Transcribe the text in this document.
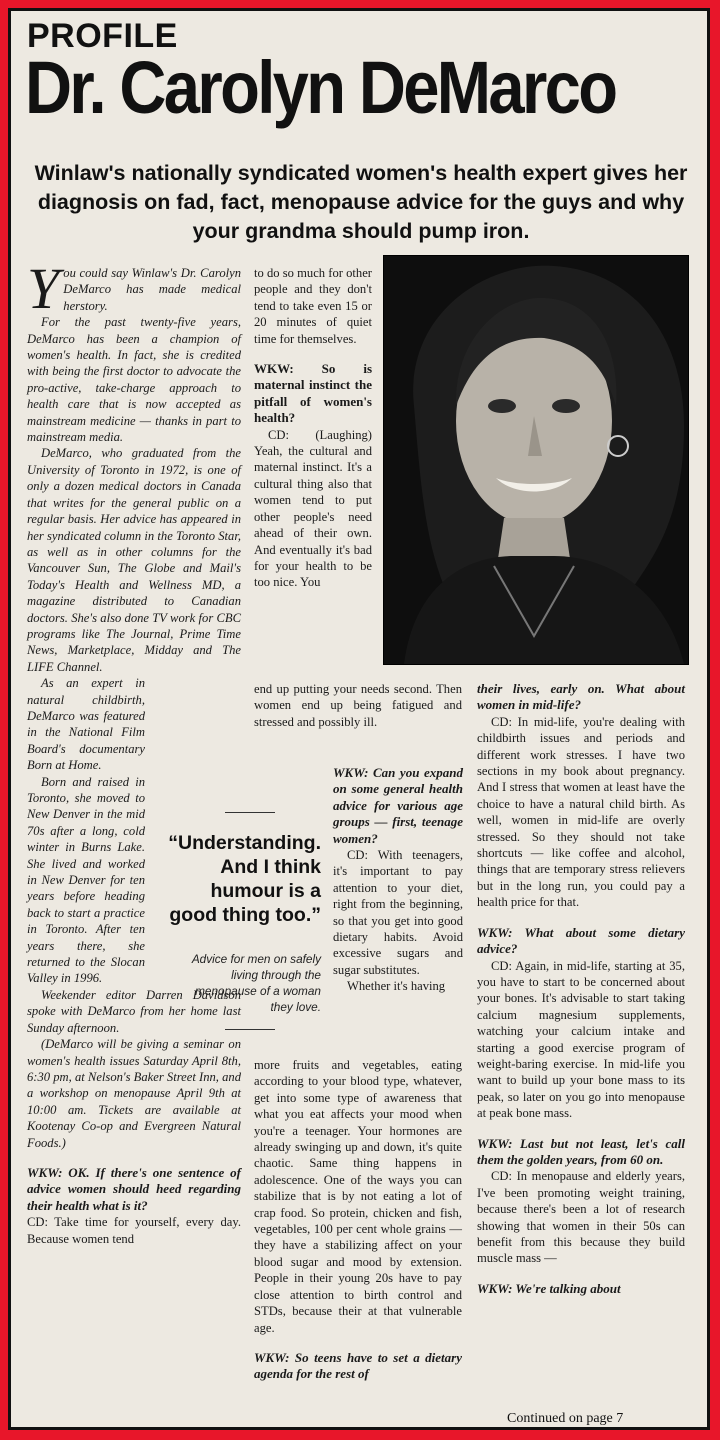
PROFILE
Dr. Carolyn DeMarco
Winlaw's nationally syndicated women's health expert gives her diagnosis on fad, fact, menopause advice for the guys and why your grandma should pump iron.
Y ou could say Winlaw's Dr. Carolyn DeMarco has made medical herstory.

For the past twenty-five years, DeMarco has been a champion of women's health. In fact, she is credited with being the first doctor to advocate the pro-active, take-charge approach to health care that is now accepted as mainstream medicine — thanks in part to mainstream media.

DeMarco, who graduated from the University of Toronto in 1972, is one of only a dozen medical doctors in Canada that writes for the general public on a regular basis. Her advice has appeared in her syndicated column in the Toronto Star, as well as in other columns for the Vancouver Sun, The Globe and Mail's Today's Health and Wellness MD, a magazine distributed to Canadian doctors. She's also done TV work for CBC programs like The Journal, Prime Time News, Marketplace, Midday and The LIFE Channel.

As an expert in natural childbirth, DeMarco was featured in the National Film Board's documentary Born at Home.

Born and raised in Toronto, she moved to New Denver in the mid 70s after a long, cold winter in Burns Lake. She lived and worked in New Denver for ten years before heading back to start a practice in Toronto. After ten years there, she returned to the Slocan Valley in 1996.

Weekender editor Darren Davidson spoke with DeMarco from her home last Sunday afternoon.

(DeMarco will be giving a seminar on women's health issues Saturday April 8th, 6:30 pm, at Nelson's Baker Street Inn, and a workshop on menopause April 9th at 10:00 am. Tickets are available at Kootenay Co-op and Evergreen Natural Foods.)

WKW: OK. If there's one sentence of advice women should heed regarding their health what is it?

CD: Take time for yourself, every day. Because women tend

to do so much for other people and they don't tend to take even 15 or 20 minutes of quiet time for themselves.

WKW: So is maternal instinct the pitfall of women's health?

CD: (Laughing) Yeah, the cultural and maternal instinct. It's a cultural thing also that women tend to put other people's need ahead of their own. And eventually it's bad for your health to be too nice. You

end up putting your needs second. Then women end up being fatigued and stressed and possibly ill.

WKW: Can you expand on some general health advice for various age groups — first, teenage women?

CD: With teenagers, it's important to pay attention to your diet, right from the beginning, so that you get into good dietary habits. Avoid excessive sugars and sugar substitutes.

Whether it's having

more fruits and vegetables, eating according to your blood type, whatever, get into some type of awareness that what you eat affects your mood when you're a teenager. Your hormones are already swinging up and down, it's quite chaotic. Same thing happens in adolescence. One of the ways you can stabilize that is by not eating a lot of crap food. So protein, chicken and fish, vegetables, 100 per cent whole grains — they have a stabilizing affect on your blood sugar and mood by extension. People in their young 20s have to pay close attention to birth control and STDs, because their at that vulnerable age.

WKW: So teens have to set a dietary agenda for the rest of

their lives, early on. What about women in mid-life?

CD: In mid-life, you're dealing with childbirth issues and periods and different work stresses. I have two sections in my book about pregnancy. And I stress that women at least have the choice to have a natural child birth. As well, women in mid-life are overly stressed. So they should not take shortcuts — like coffee and alcohol, things that are temporary stress relievers but in the long run, you could pay a health price for that.

WKW: What about some dietary advice?

CD: Again, in mid-life, starting at 35, you have to start to be concerned about your bones. It's advisable to start taking calcium magnesium supplements, watching your calcium intake and starting a good exercise program of weight-baring exercise. In mid-life you want to build up your bone mass to its peak, so later on you go into menopause at peak bone mass.

WKW: Last but not least, let's call them the golden years, from 60 on.

CD: In menopause and elderly years, I've been promoting weight training, because there's been a lot of research showing that women in their 50s can benefit from this because they build muscle mass —

WKW: We're talking about

“Understanding. And I think humour is a good thing too.”
Advice for men on safely living through the menopause of a woman they love.
Continued on page 7
